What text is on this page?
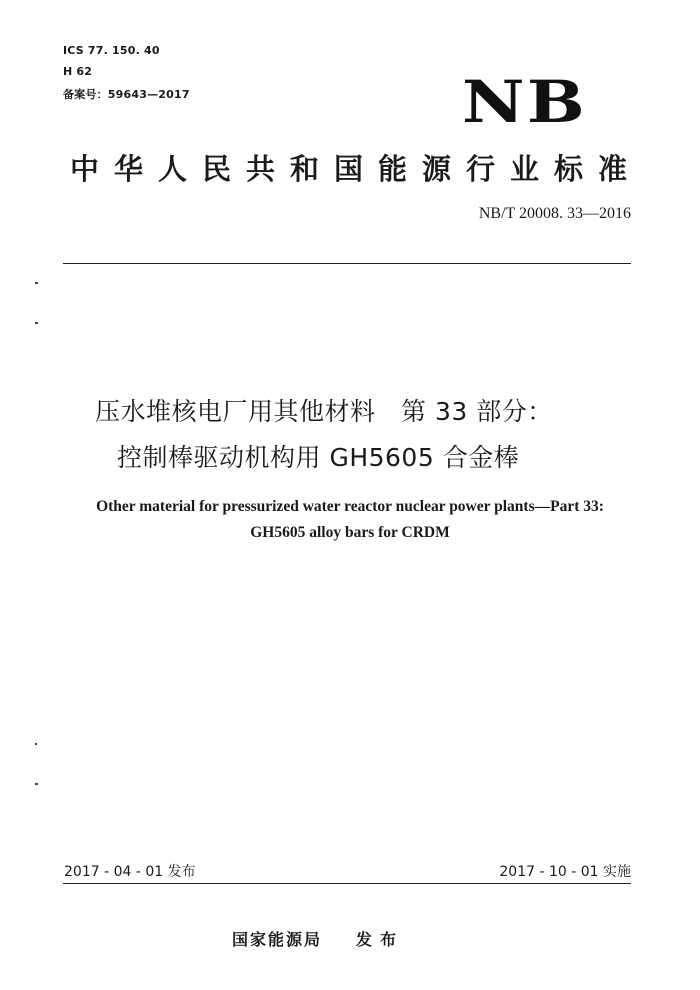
ICS 77. 150. 40
H 62
备案号：59643—2017	NB
中华人民共和国能源行业标准
NB/T 20008. 33—2016
压水堆核电厂用其他材料　第 33 部分：
控制棒驱动机构用 GH5605 合金棒
Other material for pressurized water reactor nuclear power plants—Part 33:
GH5605 alloy bars for CRDM
2017 - 04 - 01 发布	2017 - 10 - 01 实施
国家能源局 发布
